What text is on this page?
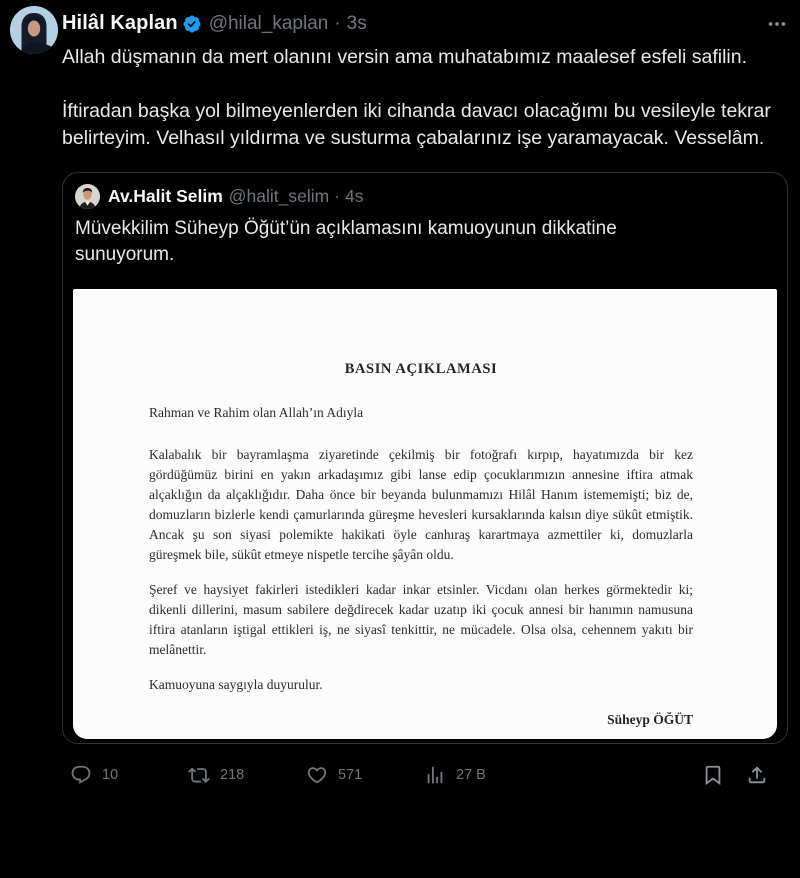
Hilâl Kaplan @hilal_kaplan · 3s

Allah düşmanın da mert olanını versin ama muhatabımız maalesef esfeli safilin.

İftiradan başka yol bilmeyenlerden iki cihanda davacı olacağımı bu vesileyle tekrar belirteyim. Velhasıl yıldırma ve susturma çabalarınız işe yaramayacak. Vesselâm.

Av.Halit Selim @halit_selim · 4s

Müvekkilim Süheyp Öğüt’ün açıklamasını kamuoyunun dikkatine sunuyorum.

BASIN AÇIKLAMASI
Rahman ve Rahim olan Allah’ın Adıyla

Kalabalık bir bayramlaşma ziyaretinde çekilmiş bir fotoğrafı kırpıp, hayatımızda bir kez gördüğümüz birini en yakın arkadaşımız gibi lanse edip çocuklarımızın annesine iftira atmak alçaklığın da alçaklığıdır. Daha önce bir beyanda bulunmamızı Hilâl Hanım istememişti; biz de, domuzların bizlerle kendi çamurlarında güreşme hevesleri kursaklarında kalsın diye sükût etmiştik. Ancak şu son siyasi polemikte hakikati öyle canhıraş karartmaya azmettiler ki, domuzlarla güreşmek bile, sükût etmeye nispetle tercihe şâyân oldu.

Şeref ve haysiyet fakirleri istedikleri kadar inkar etsinler. Vicdanı olan herkes görmektedir ki; dikenli dillerini, masum sabilere değdirecek kadar uzatıp iki çocuk annesi bir hanımın namusuna iftira atanların iştigal ettikleri iş, ne siyasî tenkittir, ne mücadele. Olsa olsa, cehennem yakıtı bir melânettir.

Kamuoyuna saygıyla duyurulur.
Süheyp ÖĞÜT
10	218	571	27 B
